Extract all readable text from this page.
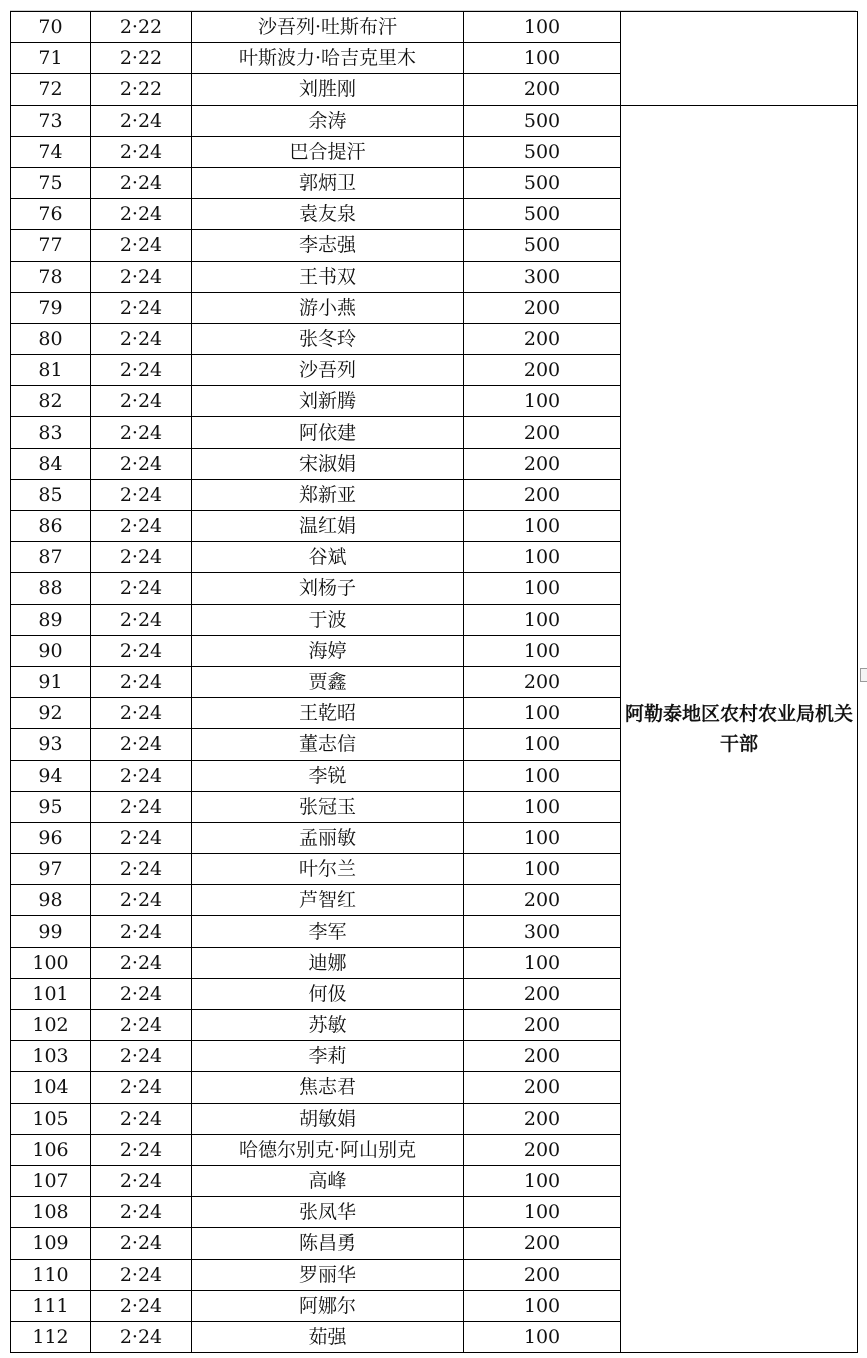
70	2·22	沙吾列·吐斯布汗	100	
71	2·22	叶斯波力·哈吉克里木	100	
72	2·22	刘胜刚	200	
73	2·24	余涛	500	阿勒泰地区农村农业局机关干部
74	2·24	巴合提汗	500	
75	2·24	郭炳卫	500	
76	2·24	袁友泉	500	
77	2·24	李志强	500	
78	2·24	王书双	300	
79	2·24	游小燕	200	
80	2·24	张冬玲	200	
81	2·24	沙吾列	200	
82	2·24	刘新腾	100	
83	2·24	阿依建	200	
84	2·24	宋淑娟	200	
85	2·24	郑新亚	200	
86	2·24	温红娟	100	
87	2·24	谷斌	100	
88	2·24	刘杨子	100	
89	2·24	于波	100	
90	2·24	海婷	100	
91	2·24	贾鑫	200	
92	2·24	王乾昭	100	
93	2·24	董志信	100	
94	2·24	李锐	100	
95	2·24	张冠玉	100	
96	2·24	孟丽敏	100	
97	2·24	叶尔兰	100	
98	2·24	芦智红	200	
99	2·24	李军	300	
100	2·24	迪娜	100	
101	2·24	何伋	200	
102	2·24	苏敏	200	
103	2·24	李莉	200	
104	2·24	焦志君	200	
105	2·24	胡敏娟	200	
106	2·24	哈德尔别克·阿山别克	200	
107	2·24	高峰	100	
108	2·24	张凤华	100	
109	2·24	陈昌勇	200	
110	2·24	罗丽华	200	
111	2·24	阿娜尔	100	
112	2·24	茹强	100	
